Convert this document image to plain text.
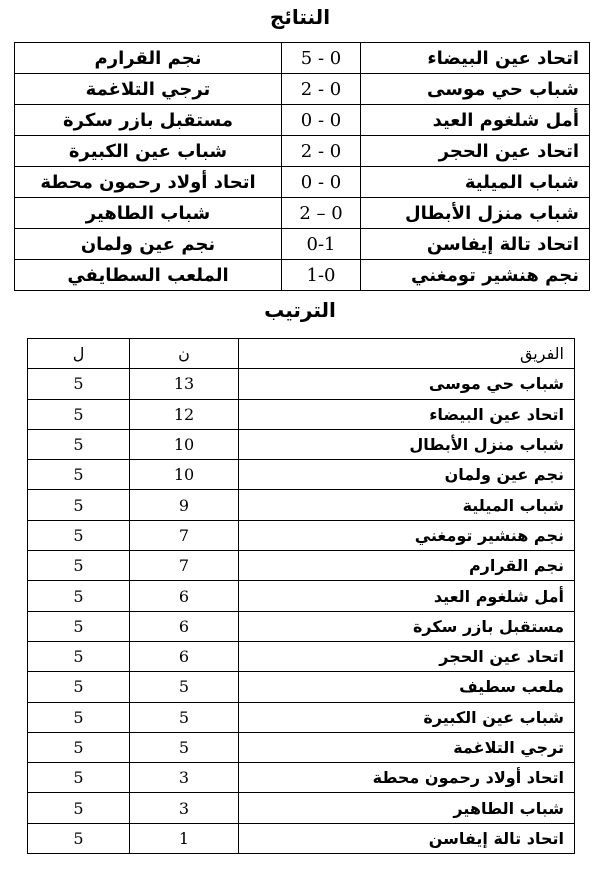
النتائج
نجم القرارم	5 - 0	اتحاد عين البيضاء
ترجي التلاغمة	2 - 0	شباب حي موسى
مستقبل بازر سكرة	0 - 0	أمل شلغوم العيد
شباب عين الكبيرة	2 - 0	اتحاد عين الحجر
اتحاد أولاد رحمون محطة	0 - 0	شباب الميلية
شباب الطاهير	2 – 0	شباب منزل الأبطال
نجم عين ولمان	0-1	اتحاد تالة إيفاسن
الملعب السطايفي	1-0	نجم هنشير تومغني
الترتيب
ل	ن	الفريق
5	13	شباب حي موسى
5	12	اتحاد عين البيضاء
5	10	شباب منزل الأبطال
5	10	نجم عين ولمان
5	9	شباب الميلية
5	7	نجم هنشير تومغني
5	7	نجم القرارم
5	6	أمل شلغوم العيد
5	6	مستقبل بازر سكرة
5	6	اتحاد عين الحجر
5	5	ملعب سطيف
5	5	شباب عين الكبيرة
5	5	ترجي التلاغمة
5	3	اتحاد أولاد رحمون محطة
5	3	شباب الطاهير
5	1	اتحاد تالة إيفاسن
